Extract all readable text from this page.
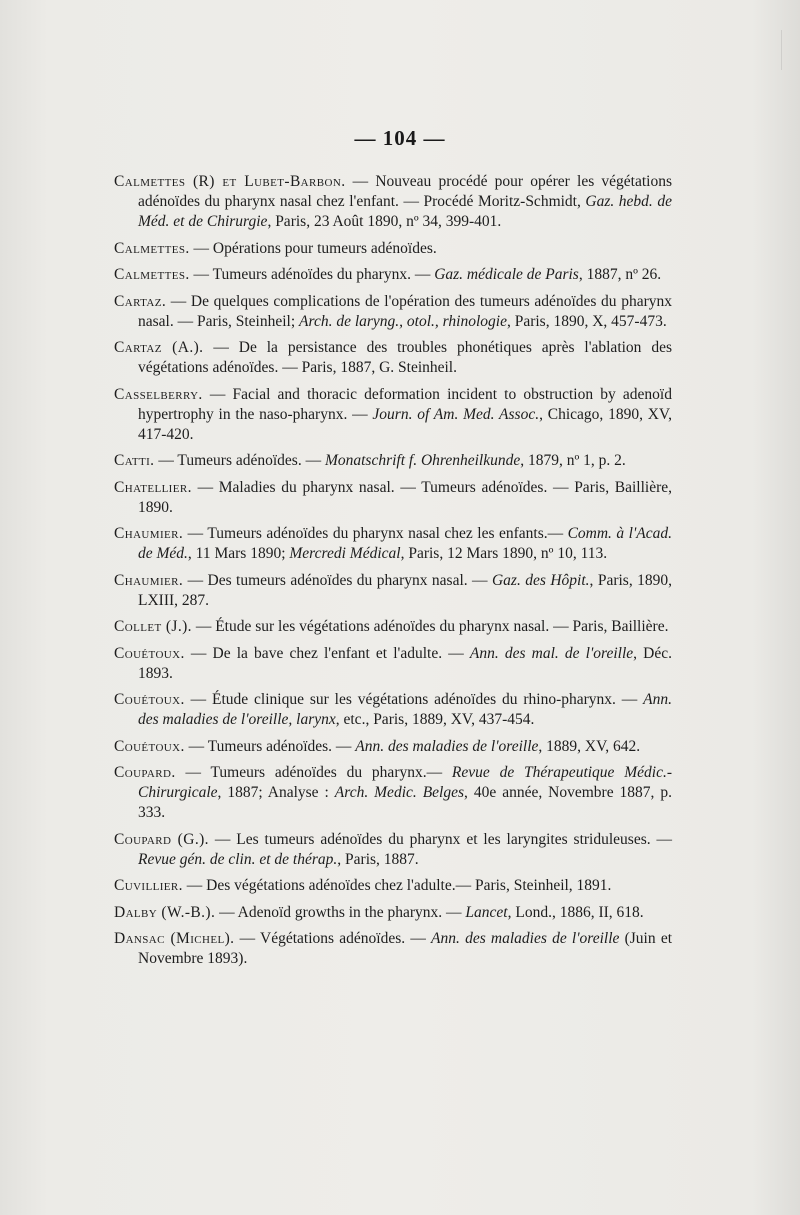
— 104 —

Calmettes (R) et Lubet-Barbon. — Nouveau procédé pour opérer les végétations adénoïdes du pharynx nasal chez l'enfant. — Procédé Moritz-Schmidt, Gaz. hebd. de Méd. et de Chirurgie, Paris, 23 Août 1890, nº 34, 399-401.

Calmettes. — Opérations pour tumeurs adénoïdes.

Calmettes. — Tumeurs adénoïdes du pharynx. — Gaz. médicale de Paris, 1887, nº 26.

Cartaz. — De quelques complications de l'opération des tumeurs adénoïdes du pharynx nasal. — Paris, Steinheil; Arch. de laryng., otol., rhinologie, Paris, 1890, X, 457-473.

Cartaz (A.). — De la persistance des troubles phonétiques après l'ablation des végétations adénoïdes. — Paris, 1887, G. Steinheil.

Casselberry. — Facial and thoracic deformation incident to obstruction by adenoïd hypertrophy in the naso-pharynx. — Journ. of Am. Med. Assoc., Chicago, 1890, XV, 417-420.

Catti. — Tumeurs adénoïdes. — Monatschrift f. Ohrenheilkunde, 1879, nº 1, p. 2.

Chatellier. — Maladies du pharynx nasal. — Tumeurs adénoïdes. — Paris, Baillière, 1890.

Chaumier. — Tumeurs adénoïdes du pharynx nasal chez les enfants.— Comm. à l'Acad. de Méd., 11 Mars 1890; Mercredi Médical, Paris, 12 Mars 1890, nº 10, 113.

Chaumier. — Des tumeurs adénoïdes du pharynx nasal. — Gaz. des Hôpit., Paris, 1890, LXIII, 287.

Collet (J.). — Étude sur les végétations adénoïdes du pharynx nasal. — Paris, Baillière.

Couétoux. — De la bave chez l'enfant et l'adulte. — Ann. des mal. de l'oreille, Déc. 1893.

Couétoux. — Étude clinique sur les végétations adénoïdes du rhino-pharynx. — Ann. des maladies de l'oreille, larynx, etc., Paris, 1889, XV, 437-454.

Couétoux. — Tumeurs adénoïdes. — Ann. des maladies de l'oreille, 1889, XV, 642.

Coupard. — Tumeurs adénoïdes du pharynx.— Revue de Thérapeutique Médic.-Chirurgicale, 1887; Analyse : Arch. Medic. Belges, 40e année, Novembre 1887, p. 333.

Coupard (G.). — Les tumeurs adénoïdes du pharynx et les laryngites striduleuses. — Revue gén. de clin. et de thérap., Paris, 1887.

Cuvillier. — Des végétations adénoïdes chez l'adulte.— Paris, Steinheil, 1891.

Dalby (W.-B.). — Adenoïd growths in the pharynx. — Lancet, Lond., 1886, II, 618.

Dansac (Michel). — Végétations adénoïdes. — Ann. des maladies de l'oreille (Juin et Novembre 1893).
